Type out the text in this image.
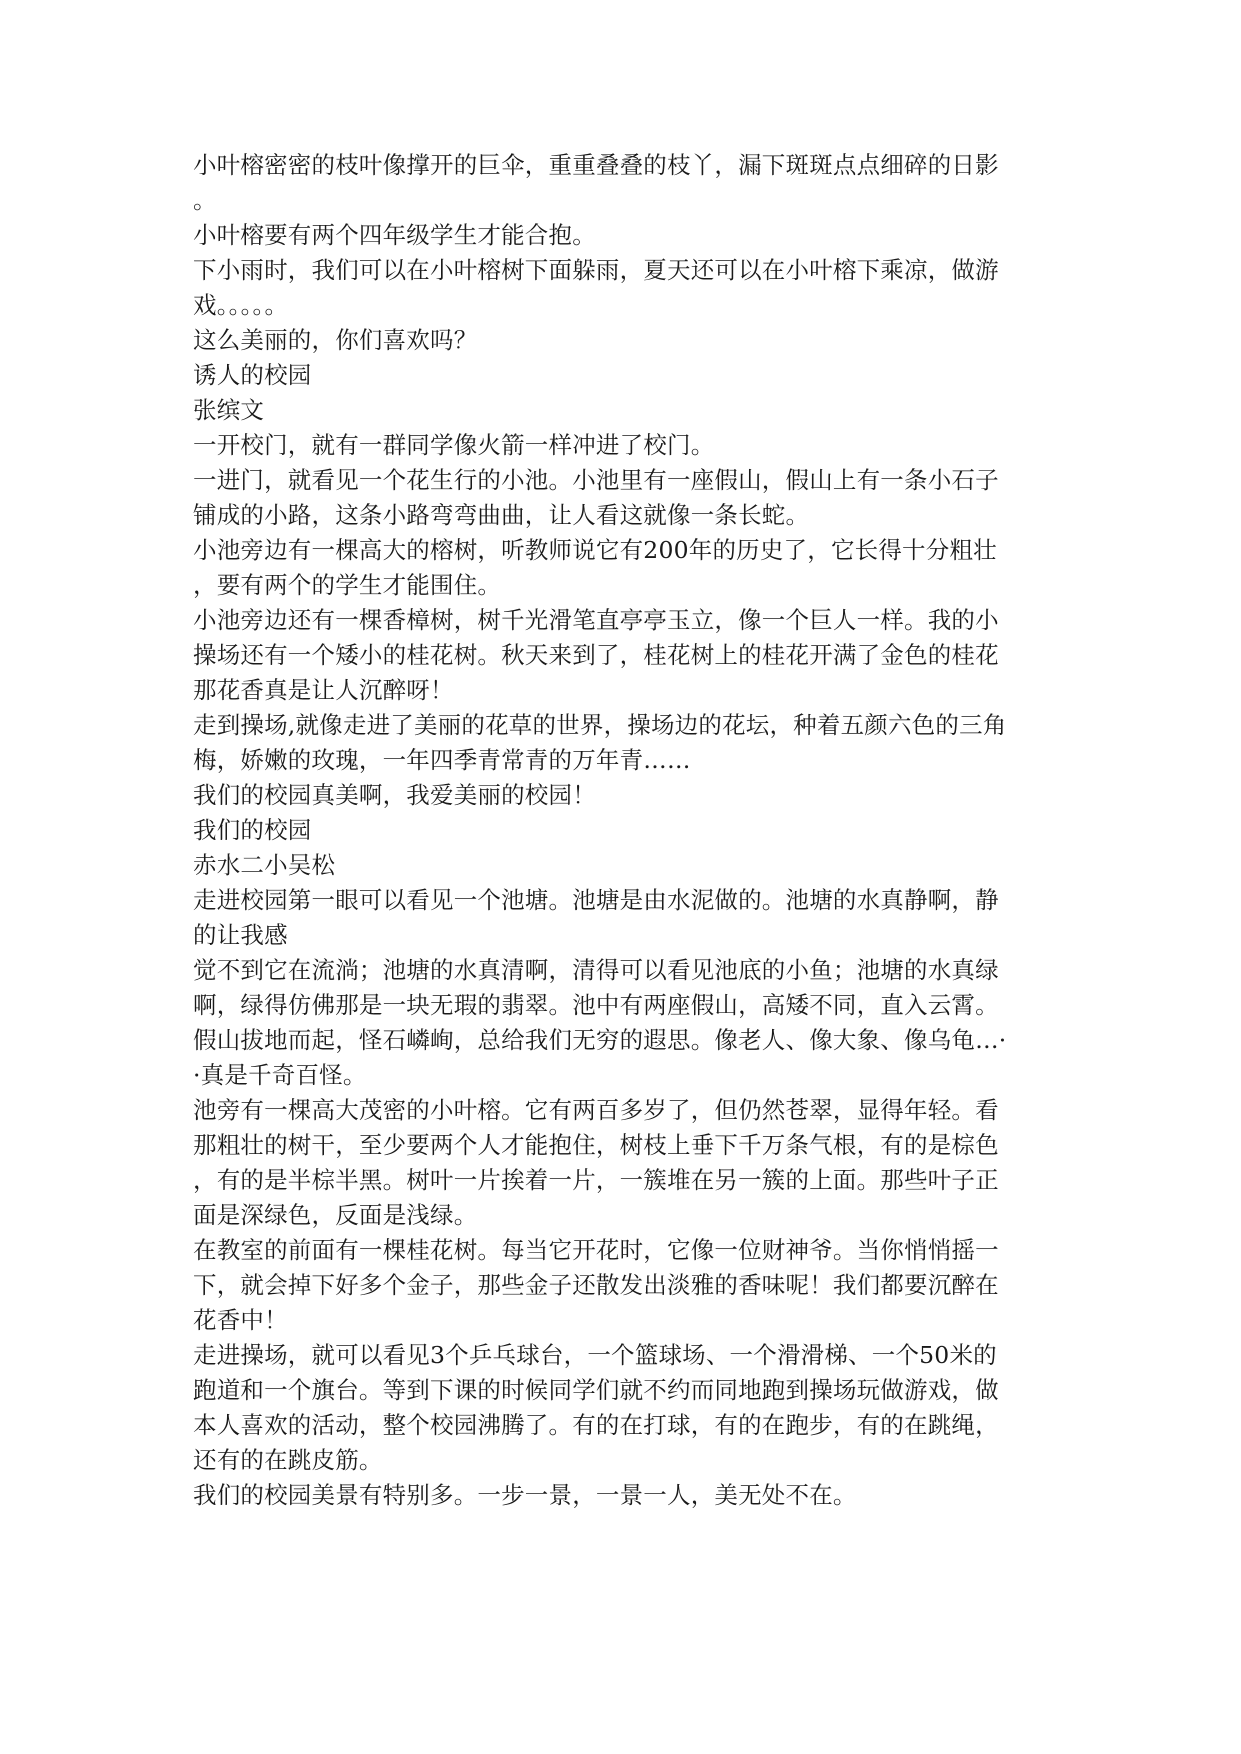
小叶榕密密的枝叶像撑开的巨伞，重重叠叠的枝丫，漏下斑斑点点细碎的日影
。
小叶榕要有两个四年级学生才能合抱。
下小雨时，我们可以在小叶榕树下面躲雨，夏天还可以在小叶榕下乘凉，做游
戏。。。。。
这么美丽的，你们喜欢吗？
诱人的校园
张缤文
一开校门，就有一群同学像火箭一样冲进了校门。
一进门，就看见一个花生行的小池。小池里有一座假山，假山上有一条小石子
铺成的小路，这条小路弯弯曲曲，让人看这就像一条长蛇。
小池旁边有一棵高大的榕树，听教师说它有200年的历史了，它长得十分粗壮
，要有两个的学生才能围住。
小池旁边还有一棵香樟树，树千光滑笔直亭亭玉立，像一个巨人一样。我的小
操场还有一个矮小的桂花树。秋天来到了，桂花树上的桂花开满了金色的桂花
那花香真是让人沉醉呀！
走到操场,就像走进了美丽的花草的世界，操场边的花坛，种着五颜六色的三角
梅，娇嫩的玫瑰，一年四季青常青的万年青……
我们的校园真美啊，我爱美丽的校园！
我们的校园
赤水二小吴松
走进校园第一眼可以看见一个池塘。池塘是由水泥做的。池塘的水真静啊，静
的让我感
觉不到它在流淌；池塘的水真清啊，清得可以看见池底的小鱼；池塘的水真绿
啊，绿得仿佛那是一块无瑕的翡翠。池中有两座假山，高矮不同，直入云霄。
假山拔地而起，怪石嶙峋，总给我们无穷的遐思。像老人、像大象、像乌龟…·
·真是千奇百怪。
池旁有一棵高大茂密的小叶榕。它有两百多岁了，但仍然苍翠，显得年轻。看
那粗壮的树干，至少要两个人才能抱住，树枝上垂下千万条气根，有的是棕色
，有的是半棕半黑。树叶一片挨着一片，一簇堆在另一簇的上面。那些叶子正
面是深绿色，反面是浅绿。
在教室的前面有一棵桂花树。每当它开花时，它像一位财神爷。当你悄悄摇一
下，就会掉下好多个金子，那些金子还散发出淡雅的香味呢！我们都要沉醉在
花香中！
走进操场，就可以看见3个乒乓球台，一个篮球场、一个滑滑梯、一个50米的
跑道和一个旗台。等到下课的时候同学们就不约而同地跑到操场玩做游戏，做
本人喜欢的活动，整个校园沸腾了。有的在打球，有的在跑步，有的在跳绳，
还有的在跳皮筋。
我们的校园美景有特别多。一步一景，一景一人，美无处不在。
